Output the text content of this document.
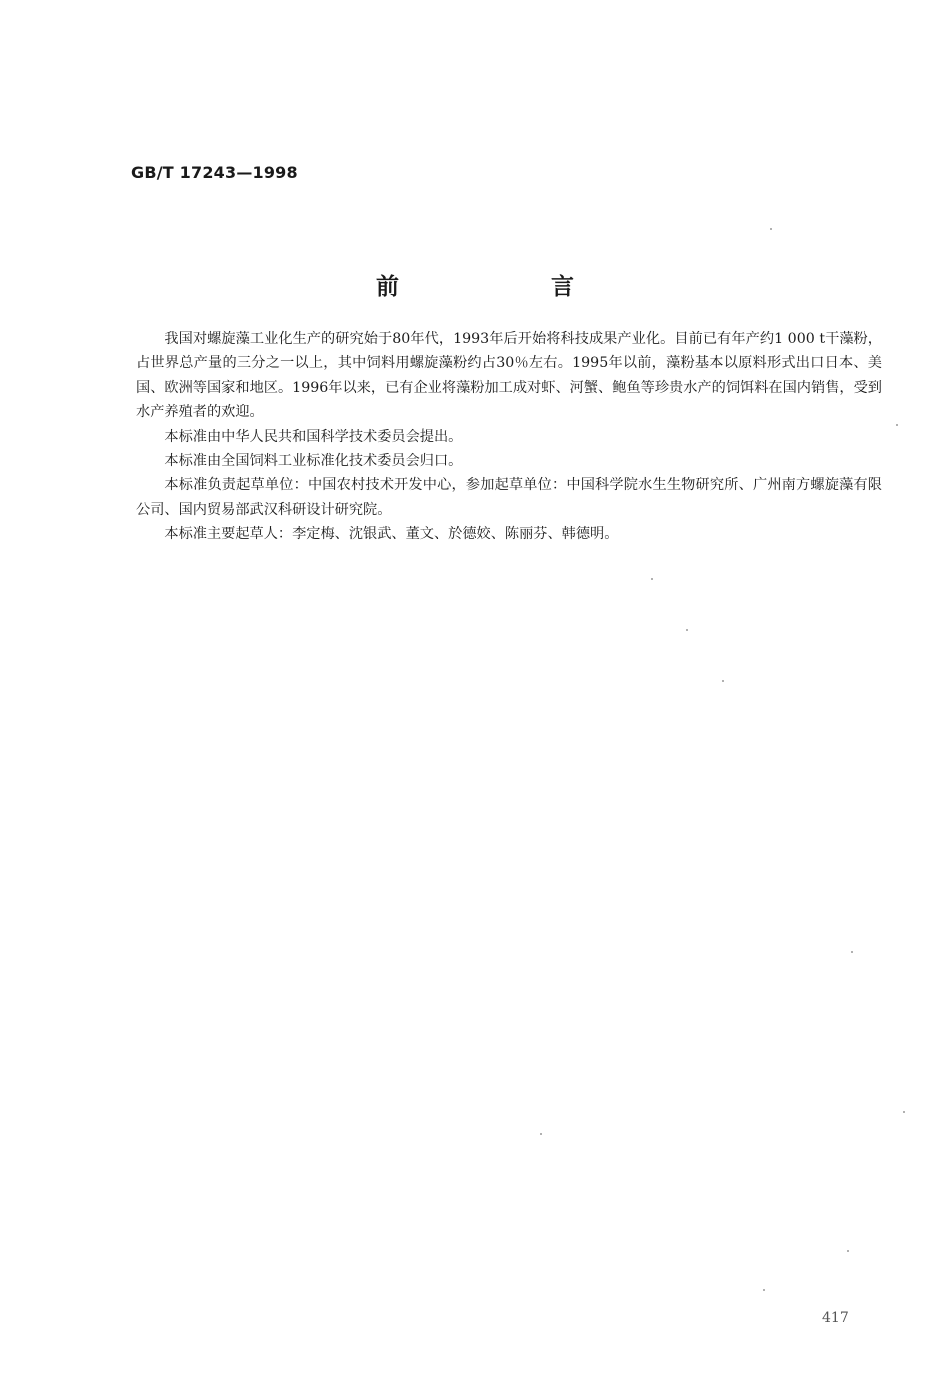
GB/T 17243—1998
前 言

我国对螺旋藻工业化生产的研究始于80年代，1993年后开始将科技成果产业化。目前已有年产约1 000 t干藻粉，占世界总产量的三分之一以上，其中饲料用螺旋藻粉约占30％左右。1995年以前，藻粉基本以原料形式出口日本、美国、欧洲等国家和地区。1996年以来，已有企业将藻粉加工成对虾、河蟹、鲍鱼等珍贵水产的饲饵料在国内销售，受到水产养殖者的欢迎。

本标准由中华人民共和国科学技术委员会提出。

本标准由全国饲料工业标准化技术委员会归口。

本标准负责起草单位：中国农村技术开发中心，参加起草单位：中国科学院水生生物研究所、广州南方螺旋藻有限公司、国内贸易部武汉科研设计研究院。

本标准主要起草人：李定梅、沈银武、董文、於德姣、陈丽芬、韩德明。

417
